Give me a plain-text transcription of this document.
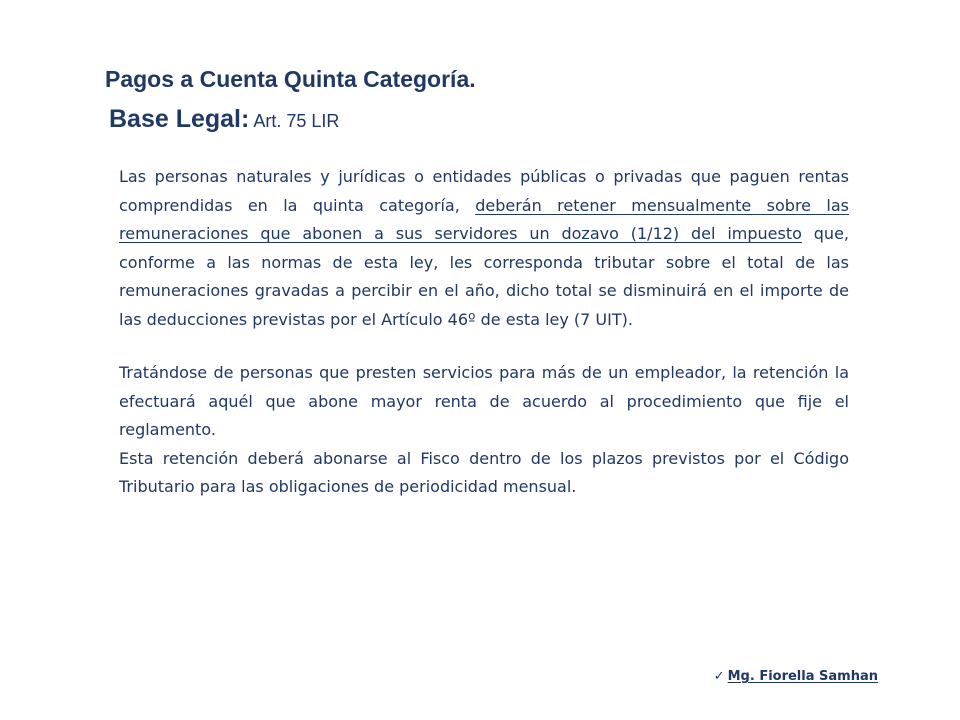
Pagos a Cuenta Quinta Categoría.
Base Legal: Art. 75 LIR

Las personas naturales y jurídicas o entidades públicas o privadas que paguen rentas comprendidas en la quinta categoría, deberán retener mensualmente sobre las remuneraciones que abonen a sus servidores un dozavo (1/12) del impuesto que, conforme a las normas de esta ley, les corresponda tributar sobre el total de las remuneraciones gravadas a percibir en el año, dicho total se disminuirá en el importe de las deducciones previstas por el Artículo 46º de esta ley (7 UIT).

Tratándose de personas que presten servicios para más de un empleador, la retención la efectuará aquél que abone mayor renta de acuerdo al procedimiento que fije el reglamento.

Esta retención deberá abonarse al Fisco dentro de los plazos previstos por el Código Tributario para las obligaciones de periodicidad mensual.

✓ Mg. Fiorella Samhan
